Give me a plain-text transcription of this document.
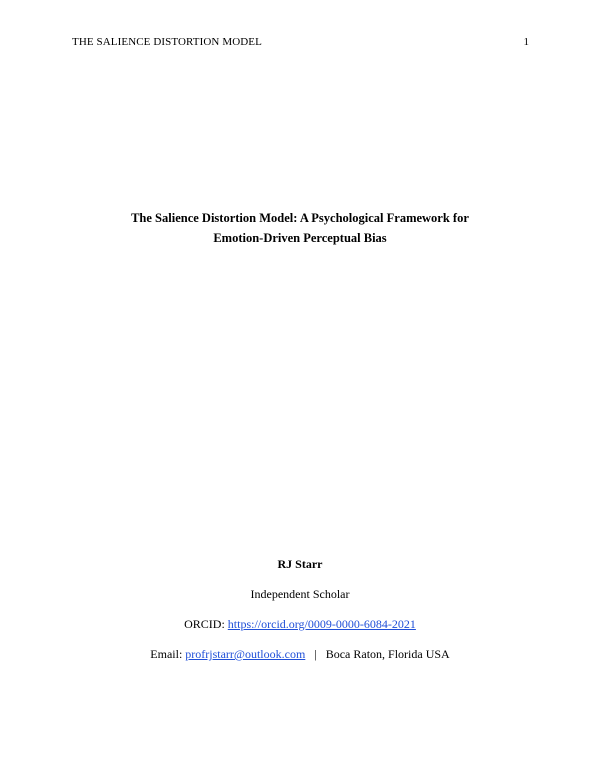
THE SALIENCE DISTORTION MODEL	1
The Salience Distortion Model: A Psychological Framework for
Emotion-Driven Perceptual Bias
RJ Starr
Independent Scholar
ORCID: https://orcid.org/0009-0000-6084-2021
Email: profrjstarr@outlook.com | Boca Raton, Florida USA
